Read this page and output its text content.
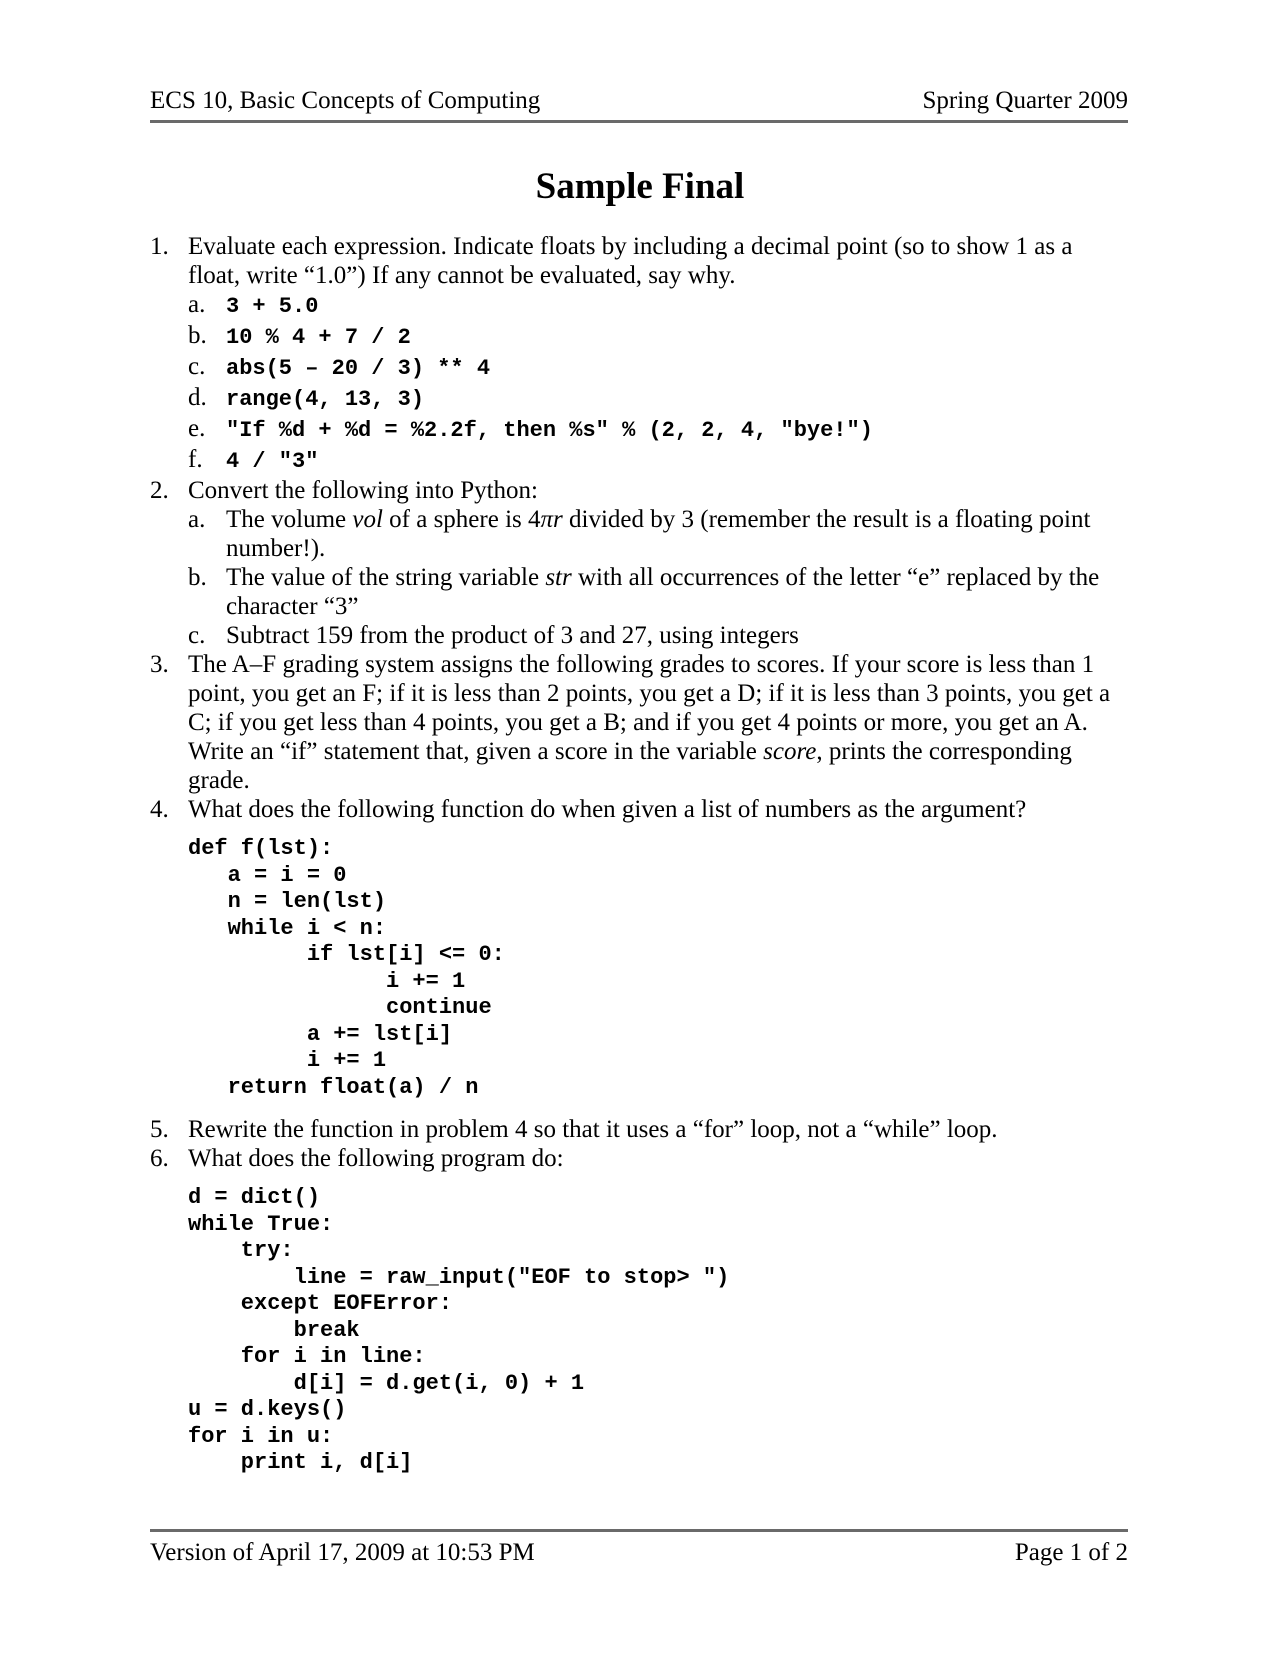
ECS 10, Basic Concepts of Computing	Spring Quarter 2009
Sample Final
1. Evaluate each expression. Indicate floats by including a decimal point (so to show 1 as a float, write “1.0”) If any cannot be evaluated, say why.
a. 3 + 5.0
b. 10 % 4 + 7 / 2
c. abs(5 – 20 / 3) ** 4
d. range(4, 13, 3)
e. "If %d + %d = %2.2f, then %s" % (2, 2, 4, "bye!")
f. 4 / "3"
2. Convert the following into Python:
a. The volume vol of a sphere is 4πr divided by 3 (remember the result is a floating point number!).
b. The value of the string variable str with all occurrences of the letter “e” replaced by the character “3”
c. Subtract 159 from the product of 3 and 27, using integers
3. The A–F grading system assigns the following grades to scores. If your score is less than 1 point, you get an F; if it is less than 2 points, you get a D; if it is less than 3 points, you get a C; if you get less than 4 points, you get a B; and if you get 4 points or more, you get an A. Write an “if” statement that, given a score in the variable score, prints the corresponding grade.
4. What does the following function do when given a list of numbers as the argument?
def f(lst):
a = i = 0
n = len(lst)
while i < n:
if lst[i] <= 0:
i += 1
continue
a += lst[i]
i += 1
return float(a) / n
5. Rewrite the function in problem 4 so that it uses a “for” loop, not a “while” loop.
6. What does the following program do:
d = dict()
while True:
try:
line = raw_input("EOF to stop> ")
except EOFError:
break
for i in line:
d[i] = d.get(i, 0) + 1
u = d.keys()
for i in u:
print i, d[i]
Version of April 17, 2009 at 10:53 PM	Page 1 of 2
